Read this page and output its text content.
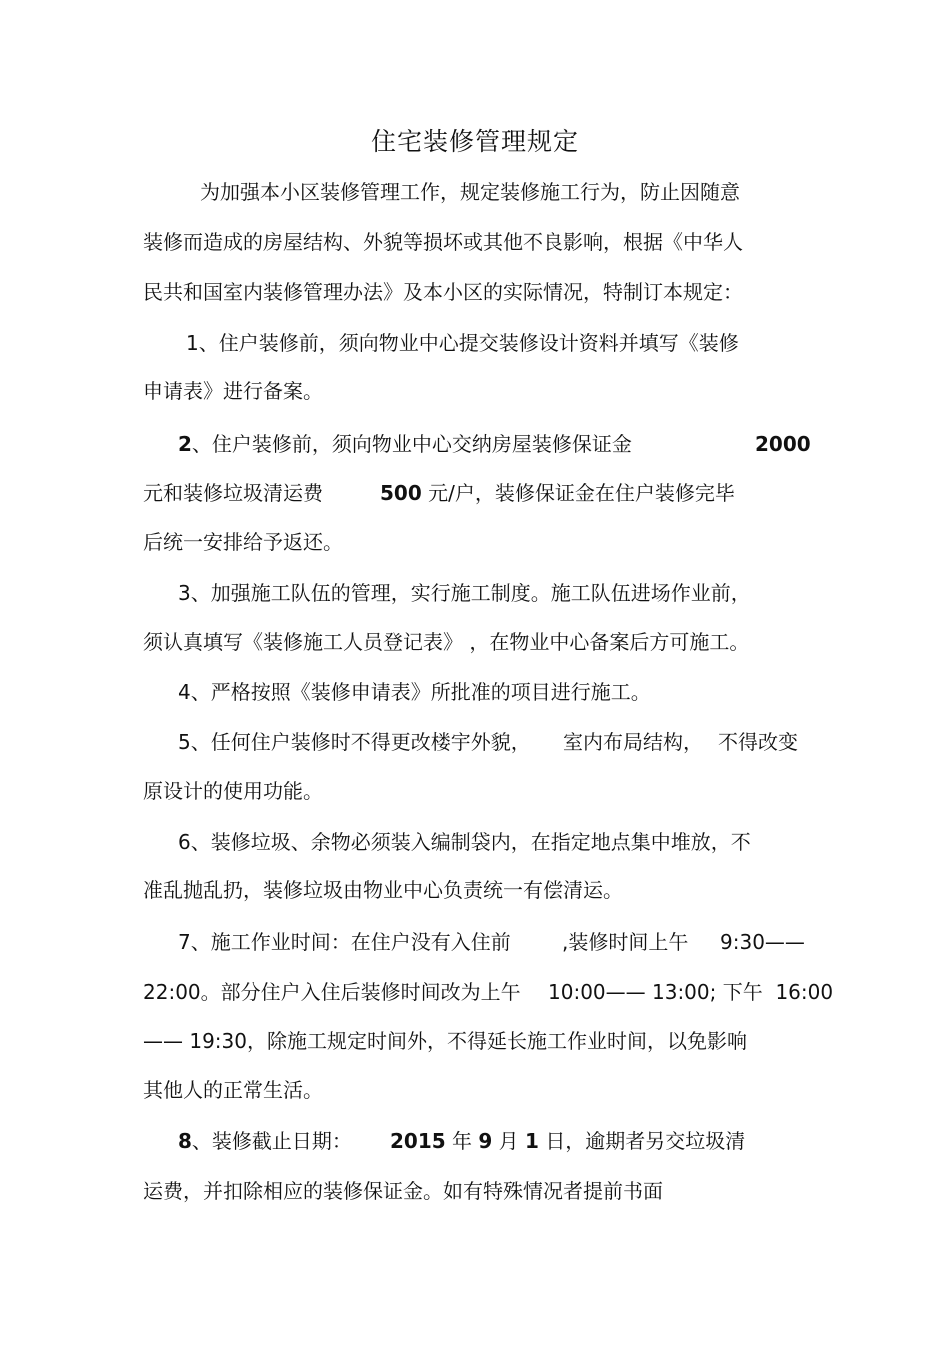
住宅装修管理规定
为加强本小区装修管理工作，规定装修施工行为，防止因随意
装修而造成的房屋结构、外貌等损坏或其他不良影响，根据《中华人
民共和国室内装修管理办法》及本小区的实际情况，特制订本规定：
1、住户装修前，须向物业中心提交装修设计资料并填写《装修
申请表》进行备案。
2、住户装修前，须向物业中心交纳房屋装修保证金	2000
元和装修垃圾清运费	500 元/户，装修保证金在住户装修完毕
后统一安排给予返还。
3、加强施工队伍的管理，实行施工制度。施工队伍进场作业前，
须认真填写《装修施工人员登记表》 ，在物业中心备案后方可施工。
4、严格按照《装修申请表》所批准的项目进行施工。
5、任何住户装修时不得更改楼宇外貌， 室内布局结构， 不得改变
原设计的使用功能。
6、装修垃圾、余物必须装入编制袋内，在指定地点集中堆放，不
准乱抛乱扔，装修垃圾由物业中心负责统一有偿清运。
7、施工作业时间：在住户没有入住前	,装修时间上午 9:30——
22:00。部分住户入住后装修时间改为上午 10:00—— 13:00; 下午  16:00
—— 19:30，除施工规定时间外，不得延长施工作业时间，以免影响
其他人的正常生活。
8、装修截止日期： 2015 年 9 月 1 日，逾期者另交垃圾清
运费，并扣除相应的装修保证金。如有特殊情况者提前书面
